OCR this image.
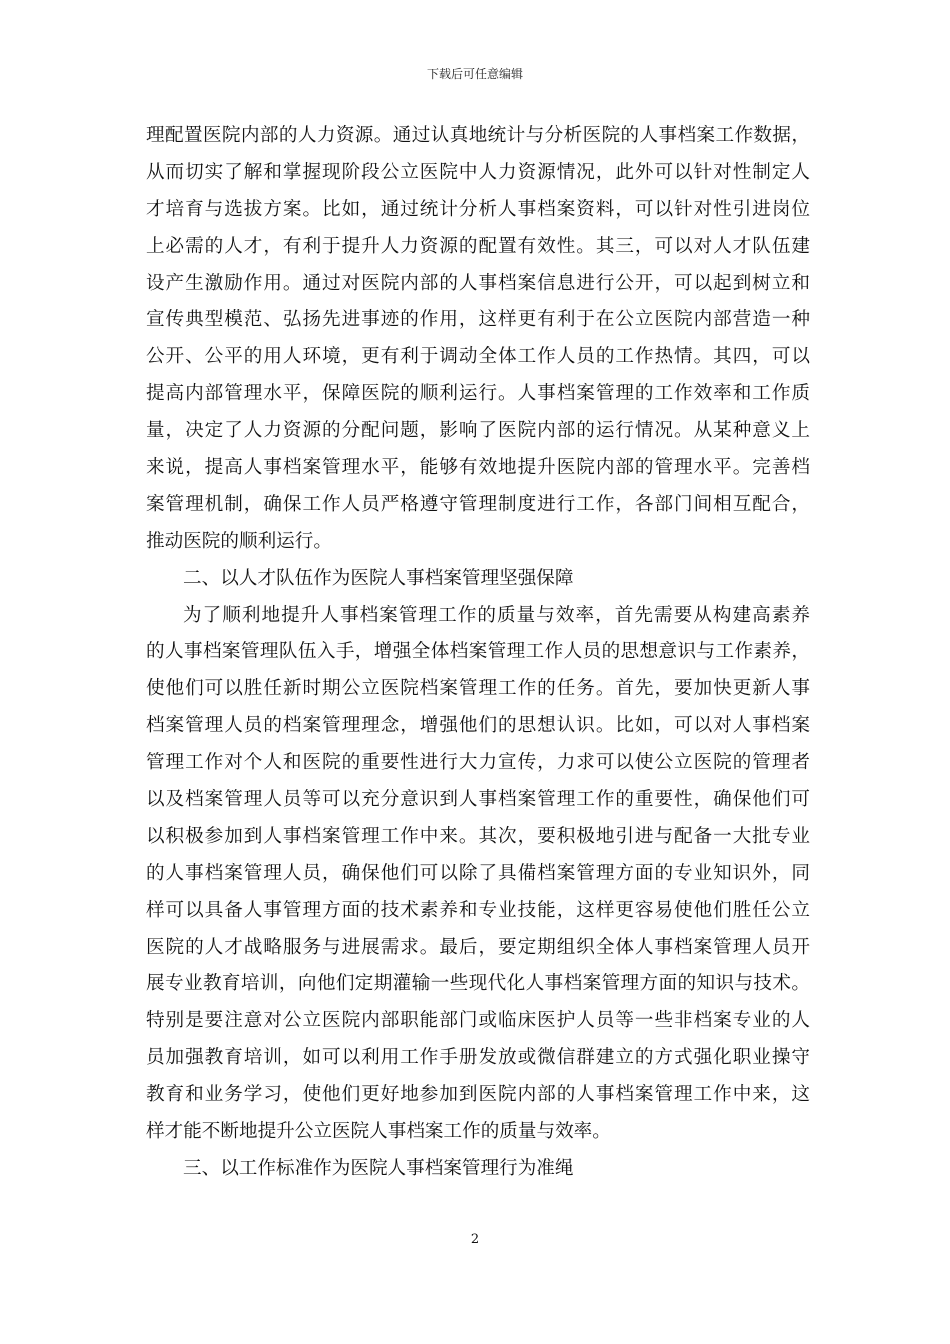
下载后可任意编辑
理配置医院内部的人力资源。通过认真地统计与分析医院的人事档案工作数据，
从而切实了解和掌握现阶段公立医院中人力资源情况，此外可以针对性制定人
才培育与选拔方案。比如，通过统计分析人事档案资料，可以针对性引进岗位
上必需的人才，有利于提升人力资源的配置有效性。其三，可以对人才队伍建
设产生激励作用。通过对医院内部的人事档案信息进行公开，可以起到树立和
宣传典型模范、弘扬先进事迹的作用，这样更有利于在公立医院内部营造一种
公开、公平的用人环境，更有利于调动全体工作人员的工作热情。其四，可以
提高内部管理水平，保障医院的顺利运行。人事档案管理的工作效率和工作质
量，决定了人力资源的分配问题，影响了医院内部的运行情况。从某种意义上
来说，提高人事档案管理水平，能够有效地提升医院内部的管理水平。完善档
案管理机制，确保工作人员严格遵守管理制度进行工作，各部门间相互配合，
推动医院的顺利运行。
二、以人才队伍作为医院人事档案管理坚强保障
为了顺利地提升人事档案管理工作的质量与效率，首先需要从构建高素养
的人事档案管理队伍入手，增强全体档案管理工作人员的思想意识与工作素养，
使他们可以胜任新时期公立医院档案管理工作的任务。首先，要加快更新人事
档案管理人员的档案管理理念，增强他们的思想认识。比如，可以对人事档案
管理工作对个人和医院的重要性进行大力宣传，力求可以使公立医院的管理者
以及档案管理人员等可以充分意识到人事档案管理工作的重要性，确保他们可
以积极参加到人事档案管理工作中来。其次，要积极地引进与配备一大批专业
的人事档案管理人员，确保他们可以除了具備档案管理方面的专业知识外，同
样可以具备人事管理方面的技术素养和专业技能，这样更容易使他们胜任公立
医院的人才战略服务与进展需求。最后，要定期组织全体人事档案管理人员开
展专业教育培训，向他们定期灌输一些现代化人事档案管理方面的知识与技术。
特别是要注意对公立医院内部职能部门或临床医护人员等一些非档案专业的人
员加强教育培训，如可以利用工作手册发放或微信群建立的方式强化职业操守
教育和业务学习，使他们更好地参加到医院内部的人事档案管理工作中来，这
样才能不断地提升公立医院人事档案工作的质量与效率。
三、以工作标准作为医院人事档案管理行为准绳
2
